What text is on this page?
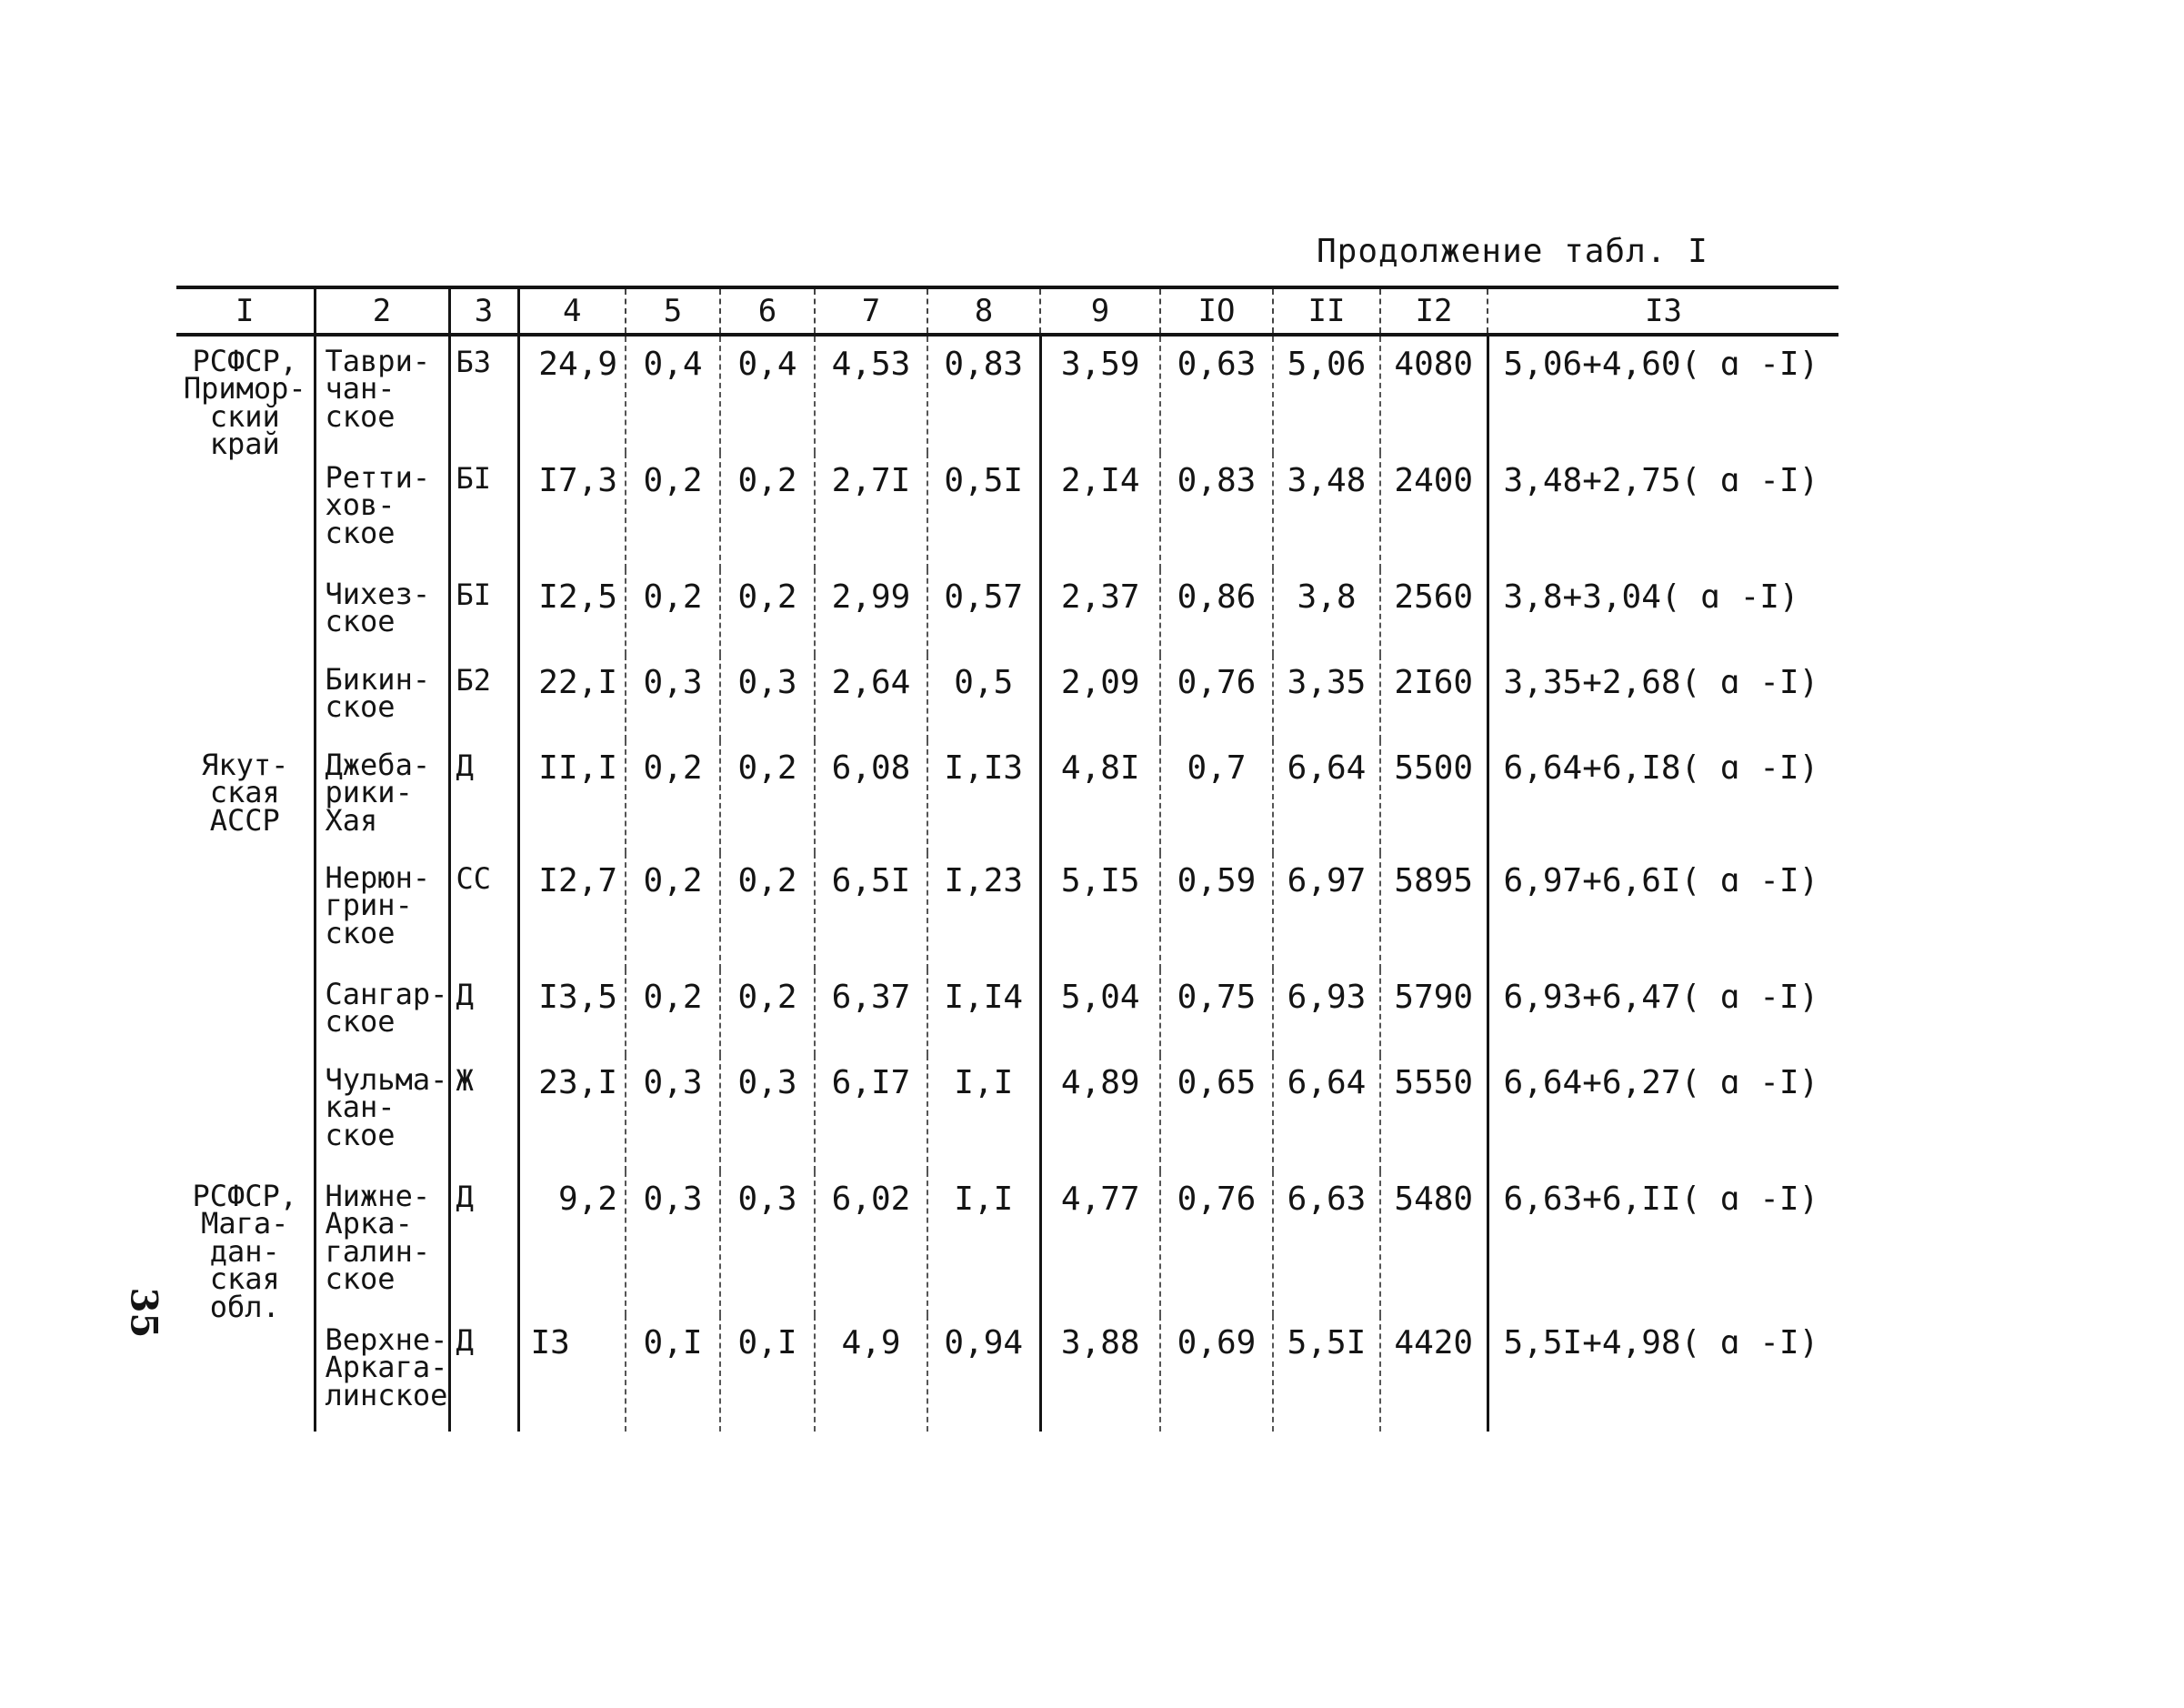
Продолжение табл. I
I	2	3	4	5	6	7	8	9	IO	II	I2	I3
РСФСР,
Примор-
ский
край	Таври-
чан-
ское	Б3	24,9	0,4	0,4	4,53	0,83	3,59	0,63	5,06	4080	5,06+4,60( ɑ -I)
	Ретти-
хов-
ское	БI	I7,3	0,2	0,2	2,7I	0,5I	2,I4	0,83	3,48	2400	3,48+2,75( ɑ -I)
	Чихез-
ское	БI	I2,5	0,2	0,2	2,99	0,57	2,37	0,86	3,8	2560	3,8+3,04( ɑ -I)
	Бикин-
ское	Б2	22,I	0,3	0,3	2,64	0,5	2,09	0,76	3,35	2I60	3,35+2,68( ɑ -I)
Якут-
ская
АССР	Джеба-
рики-
Хая	Д	II,I	0,2	0,2	6,08	I,I3	4,8I	0,7	6,64	5500	6,64+6,I8( ɑ -I)
	Нерюн-
грин-
ское	СС	I2,7	0,2	0,2	6,5I	I,23	5,I5	0,59	6,97	5895	6,97+6,6I( ɑ -I)
	Сангар-
ское	Д	I3,5	0,2	0,2	6,37	I,I4	5,04	0,75	6,93	5790	6,93+6,47( ɑ -I)
	Чульма-
кан-
ское	Ж	23,I	0,3	0,3	6,I7	I,I	4,89	0,65	6,64	5550	6,64+6,27( ɑ -I)
РСФСР,
Мага-
дан-
ская
обл.	Нижне-
Арка-
галин-
ское	Д	9,2	0,3	0,3	6,02	I,I	4,77	0,76	6,63	5480	6,63+6,II( ɑ -I)
	Верхне-
Аркага-
линское	Д	I3	0,I	0,I	4,9	0,94	3,88	0,69	5,5I	4420	5,5I+4,98( ɑ -I)
35
